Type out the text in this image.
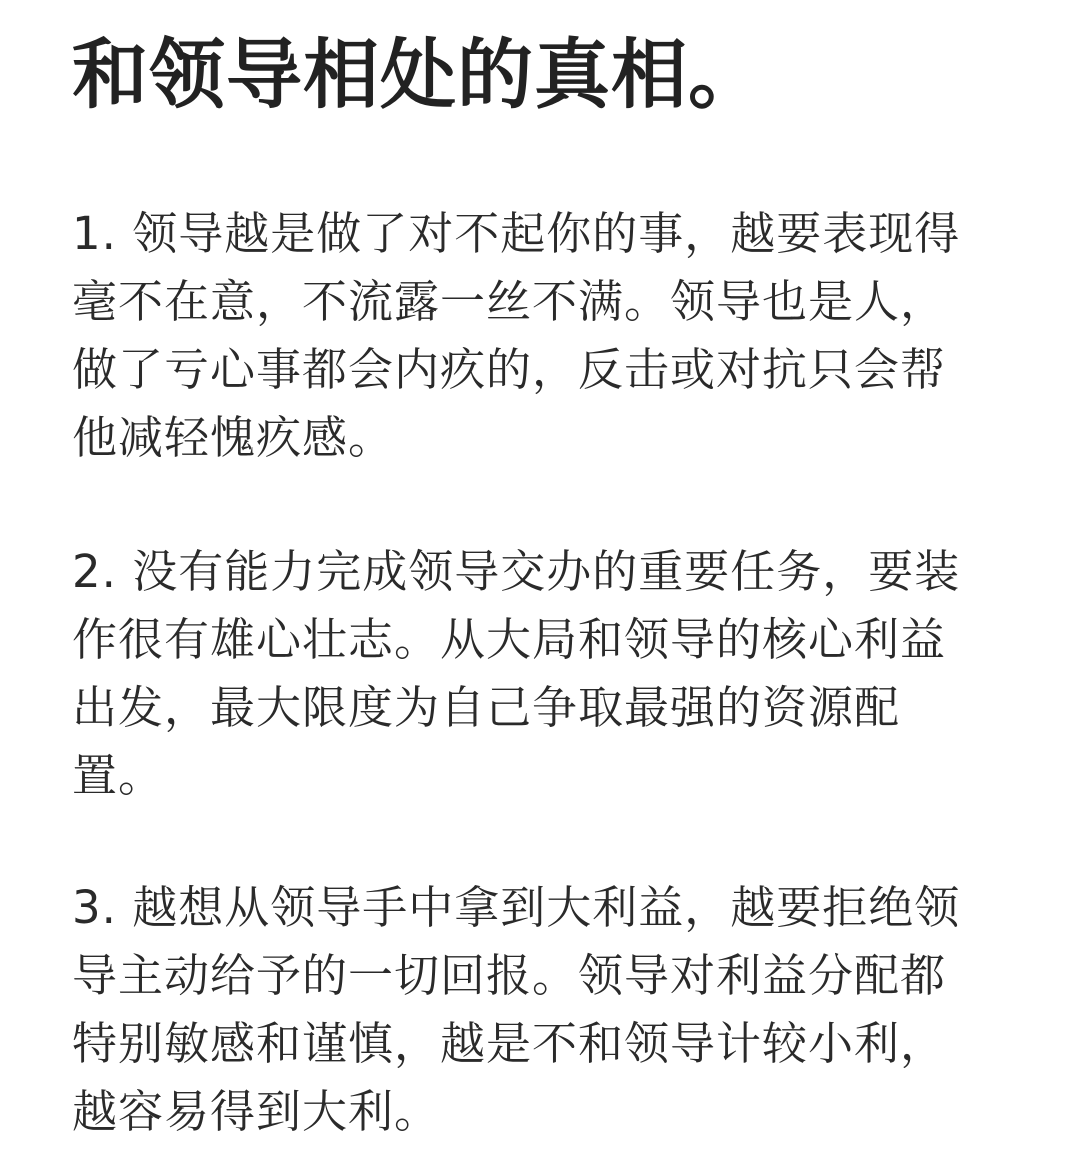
和领导相处的真相。

1. 领导越是做了对不起你的事，越要表现得
毫不在意，不流露一丝不满。领导也是人，
做了亏心事都会内疚的，反击或对抗只会帮
他减轻愧疚感。

2. 没有能力完成领导交办的重要任务，要装
作很有雄心壮志。从大局和领导的核心利益
出发，最大限度为自己争取最强的资源配
置。

3. 越想从领导手中拿到大利益，越要拒绝领
导主动给予的一切回报。领导对利益分配都
特别敏感和谨慎，越是不和领导计较小利，
越容易得到大利。
